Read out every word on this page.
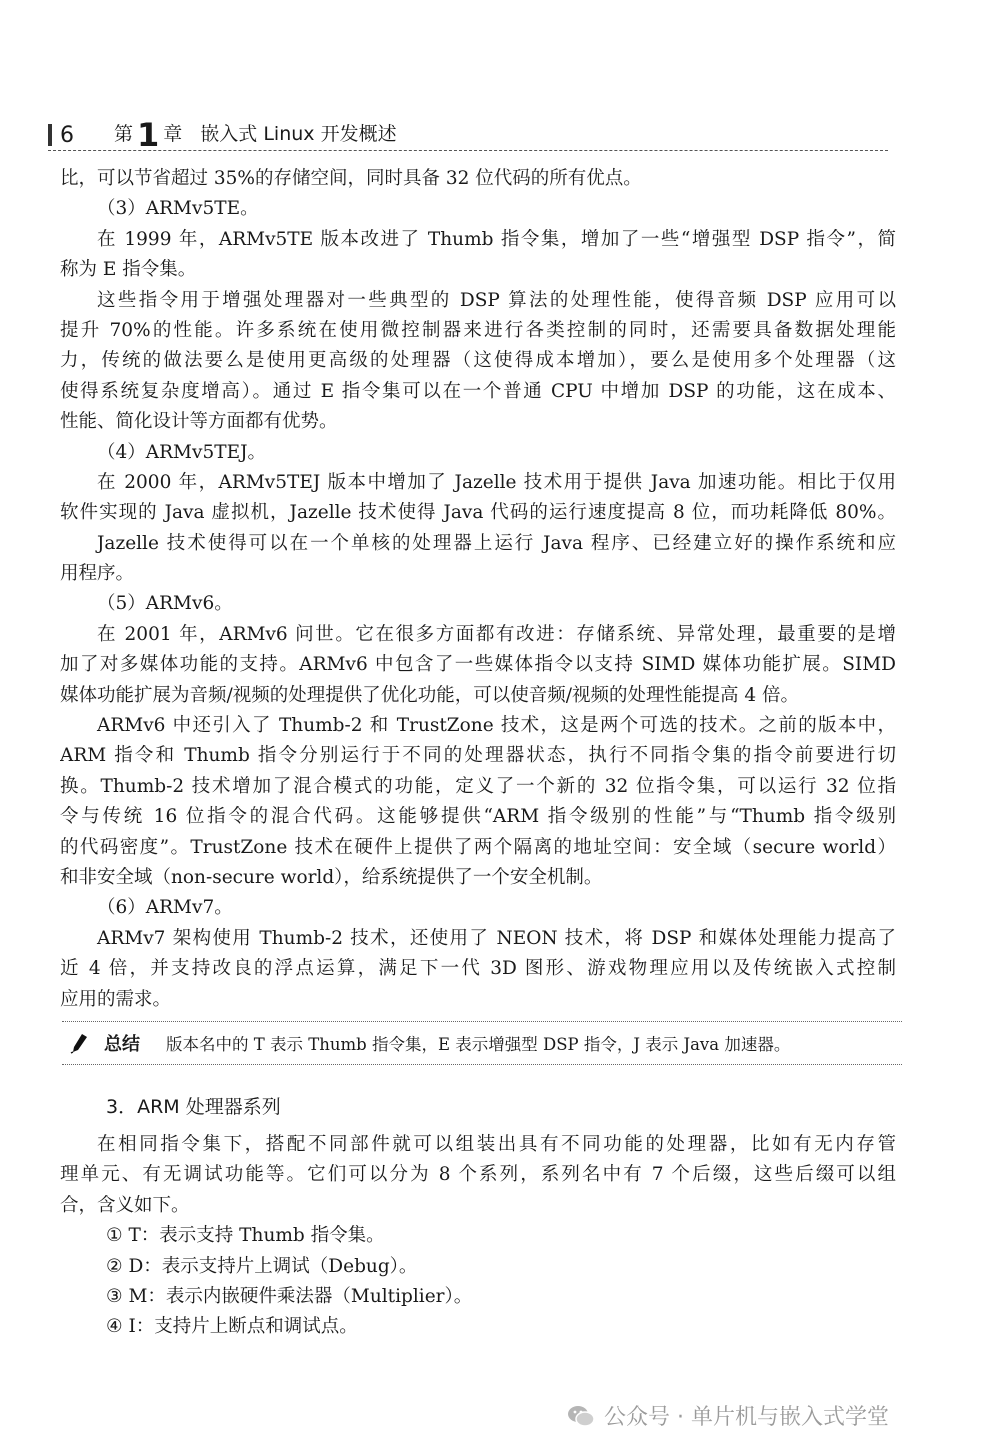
6 第 1 章 嵌入式 Linux 开发概述
比，可以节省超过 35%的存储空间，同时具备 32 位代码的所有优点。
（3）ARMv5TE。
在 1999 年，ARMv5TE 版本改进了 Thumb 指令集，增加了一些“增强型 DSP 指令”，简
称为 E 指令集。
这些指令用于增强处理器对一些典型的 DSP 算法的处理性能，使得音频 DSP 应用可以
提升 70%的性能。许多系统在使用微控制器来进行各类控制的同时，还需要具备数据处理能
力，传统的做法要么是使用更高级的处理器（这使得成本增加），要么是使用多个处理器（这
使得系统复杂度增高）。通过 E 指令集可以在一个普通 CPU 中增加 DSP 的功能，这在成本、
性能、简化设计等方面都有优势。
（4）ARMv5TEJ。
在 2000 年，ARMv5TEJ 版本中增加了 Jazelle 技术用于提供 Java 加速功能。相比于仅用
软件实现的 Java 虚拟机，Jazelle 技术使得 Java 代码的运行速度提高 8 位，而功耗降低 80%。
Jazelle 技术使得可以在一个单核的处理器上运行 Java 程序、已经建立好的操作系统和应
用程序。
（5）ARMv6。
在 2001 年，ARMv6 问世。它在很多方面都有改进：存储系统、异常处理，最重要的是增
加了对多媒体功能的支持。ARMv6 中包含了一些媒体指令以支持 SIMD 媒体功能扩展。SIMD
媒体功能扩展为音频/视频的处理提供了优化功能，可以使音频/视频的处理性能提高 4 倍。
ARMv6 中还引入了 Thumb-2 和 TrustZone 技术，这是两个可选的技术。之前的版本中，
ARM 指令和 Thumb 指令分别运行于不同的处理器状态，执行不同指令集的指令前要进行切
换。Thumb-2 技术增加了混合模式的功能，定义了一个新的 32 位指令集，可以运行 32 位指
令与传统 16 位指令的混合代码。这能够提供“ARM 指令级别的性能”与“Thumb 指令级别
的代码密度”。TrustZone 技术在硬件上提供了两个隔离的地址空间：安全域（secure world）
和非安全域（non-secure world），给系统提供了一个安全机制。
（6）ARMv7。
ARMv7 架构使用 Thumb-2 技术，还使用了 NEON 技术，将 DSP 和媒体处理能力提高了
近 4 倍，并支持改良的浮点运算，满足下一代 3D 图形、游戏物理应用以及传统嵌入式控制
应用的需求。
总结 版本名中的 T 表示 Thumb 指令集，E 表示增强型 DSP 指令，J 表示 Java 加速器。
3．ARM 处理器系列
在相同指令集下，搭配不同部件就可以组装出具有不同功能的处理器，比如有无内存管
理单元、有无调试功能等。它们可以分为 8 个系列，系列名中有 7 个后缀，这些后缀可以组
合，含义如下。
① T：表示支持 Thumb 指令集。
② D：表示支持片上调试（Debug）。
③ M：表示内嵌硬件乘法器（Multiplier）。
④ I：支持片上断点和调试点。
公众号 · 单片机与嵌入式学堂
